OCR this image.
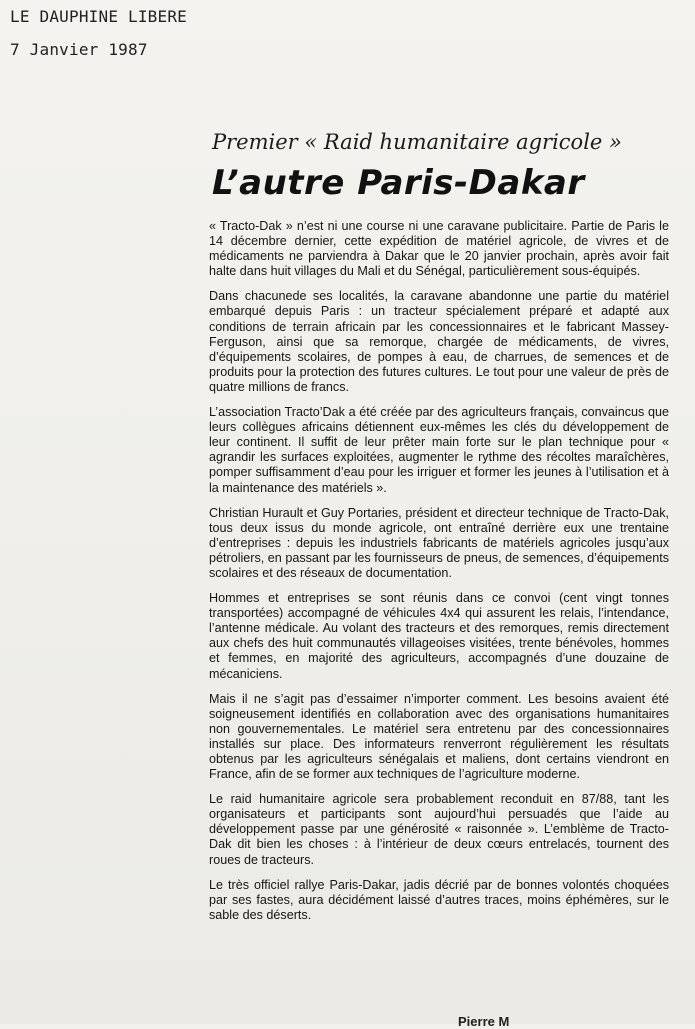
LE DAUPHINE LIBERE
7 Janvier 1987
Premier « Raid humanitaire agricole »
L’autre Paris-Dakar

« Tracto-Dak » n’est ni une course ni une caravane publicitaire. Partie de Paris le 14 décembre dernier, cette expédition de matériel agricole, de vivres et de médicaments ne parviendra à Dakar que le 20 janvier prochain, après avoir fait halte dans huit villages du Mali et du Sénégal, particulièrement sous-équipés.

Dans chacunede ses localités, la caravane abandonne une partie du matériel embarqué depuis Paris : un tracteur spécialement préparé et adapté aux conditions de terrain africain par les concessionnaires et le fabricant Massey-Ferguson, ainsi que sa remorque, chargée de médicaments, de vivres, d’équipements scolaires, de pompes à eau, de charrues, de semences et de produits pour la protection des futures cultures. Le tout pour une valeur de près de quatre millions de francs.

L’association Tracto’Dak a été créée par des agriculteurs français, convaincus que leurs collègues africains détiennent eux-mêmes les clés du développement de leur continent. Il suffit de leur prêter main forte sur le plan technique pour « agrandir les surfaces exploitées, augmenter le rythme des récoltes maraîchères, pomper suffisamment d’eau pour les irriguer et former les jeunes à l’utilisation et à la maintenance des matériels ».

Christian Hurault et Guy Portaries, président et directeur technique de Tracto-Dak, tous deux issus du monde agricole, ont entraîné derrière eux une trentaine d’entreprises : depuis les industriels fabricants de matériels agricoles jusqu’aux pétroliers, en passant par les fournisseurs de pneus, de semences, d’équipements scolaires et des réseaux de documentation.

Hommes et entreprises se sont réunis dans ce convoi (cent vingt tonnes transportées) accompagné de véhicules 4x4 qui assurent les relais, l’intendance, l’antenne médicale. Au volant des tracteurs et des remorques, remis directement aux chefs des huit communautés villageoises visitées, trente bénévoles, hommes et femmes, en majorité des agriculteurs, accompagnés d’une douzaine de mécaniciens.

Mais il ne s’agit pas d’essaimer n’importer comment. Les besoins avaient été soigneusement identifiés en collaboration avec des organisations humanitaires non gouvernementales. Le matériel sera entretenu par des concessionnaires installés sur place. Des informateurs renverront régulièrement les résultats obtenus par les agriculteurs sénégalais et maliens, dont certains viendront en France, afin de se former aux techniques de l’agriculture moderne.

Le raid humanitaire agricole sera probablement reconduit en 87/88, tant les organisateurs et participants sont aujourd’hui persuadés que l’aide au développement passe par une générosité « raisonnée ». L’emblème de Tracto-Dak dit bien les choses : à l’intérieur de deux cœurs entrelacés, tournent des roues de tracteurs.

Le très officiel rallye Paris-Dakar, jadis décrié par de bonnes volontés choquées par ses fastes, aura décidément laissé d’autres traces, moins éphémères, sur le sable des déserts.

Pierre M
